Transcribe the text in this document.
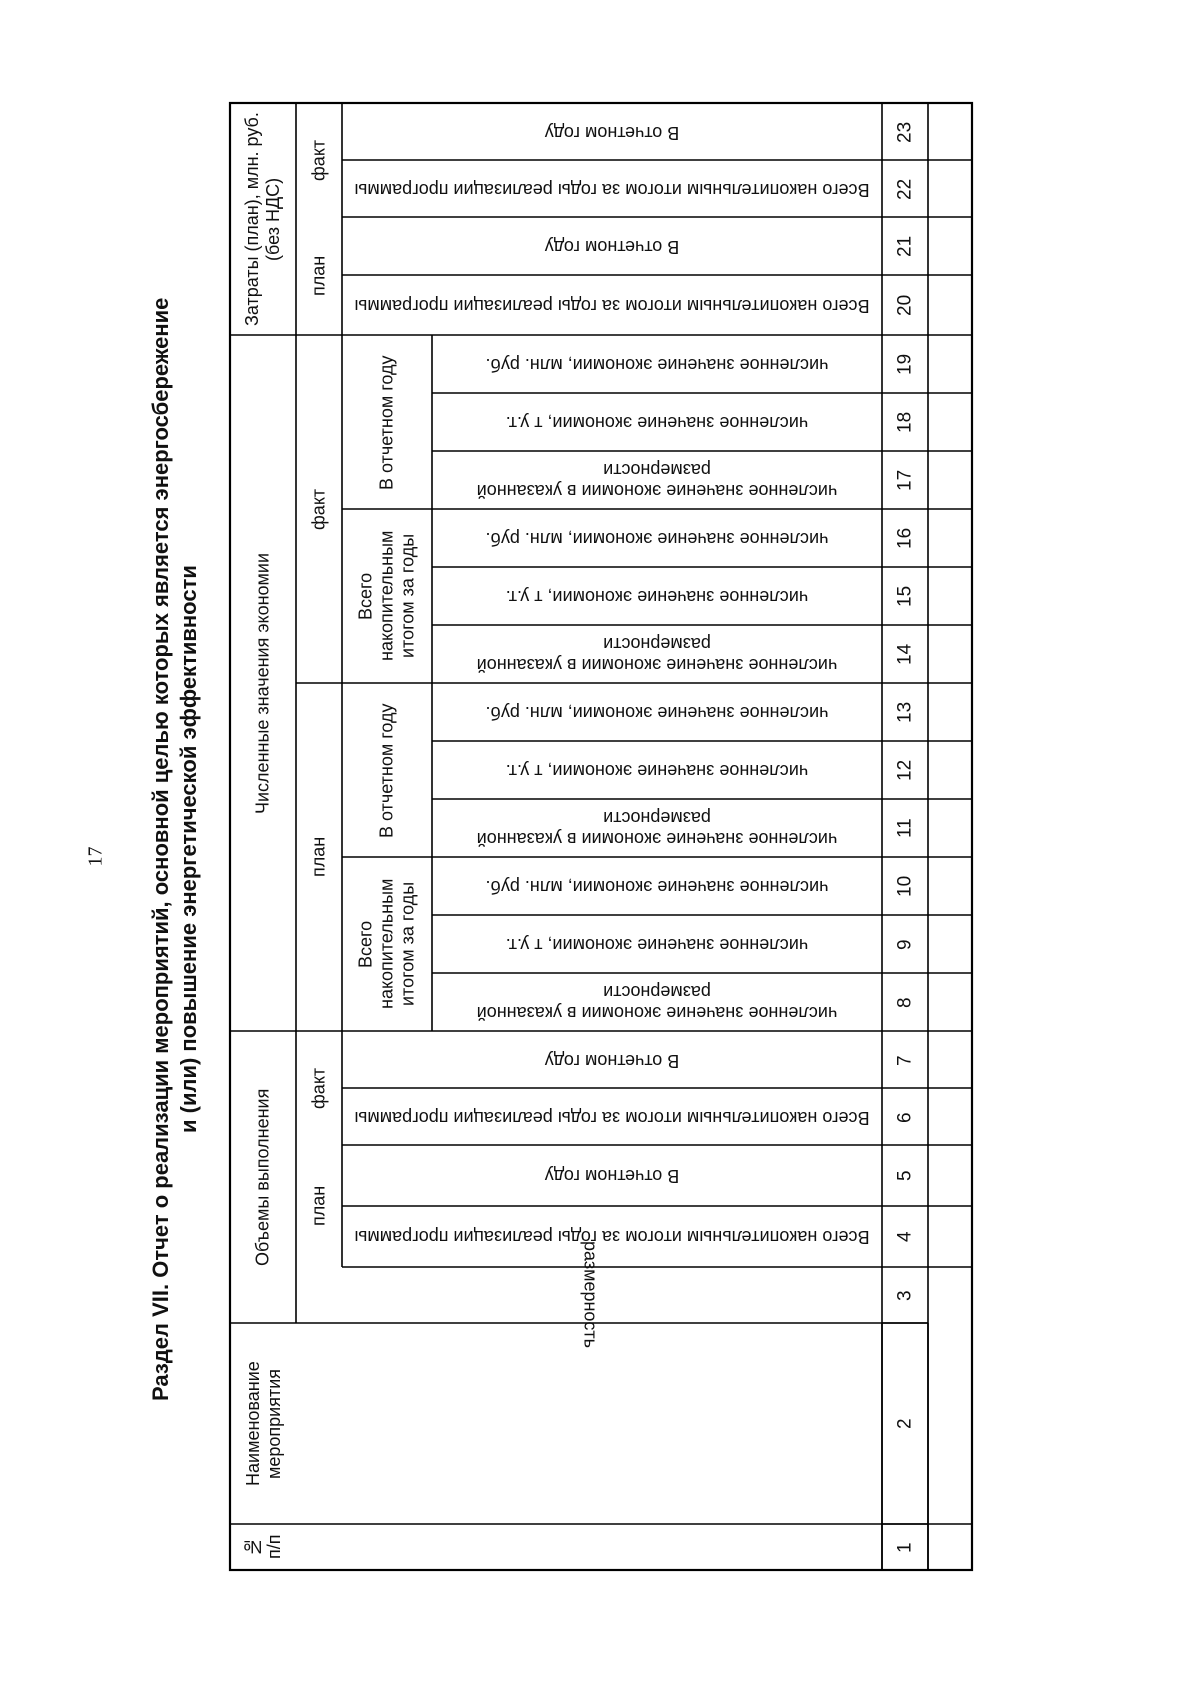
17 Раздел VII. Отчет о реализации мероприятий, основной целью которых является энергосбережение и (или) повышение энергетической эффективности
№ п/п
Наименование мероприятия
Объемы выполнения
Численные значения экономии
Затраты (план), млн. руб. (без НДС)
план
факт
план
факт
план
факт
Всего накопительным итогом за годы
В отчетном году
Всего накопительным итогом за годы
В отчетном году
размерность
Всего накопительным итогом за годы реализации программы
В отчетном году
Всего накопительным итогом за годы реализации программы
В отчетном году
численное значение экономии в указанной размерности
численное значение экономии, т у.т.
численное значение экономии, млн. руб.
численное значение экономии в указанной размерности
численное значение экономии, т у.т.
численное значение экономии, млн. руб.
численное значение экономии в указанной размерности
численное значение экономии, т у.т.
численное значение экономии, млн. руб.
численное значение экономии в указанной размерности
численное значение экономии, т у.т.
численное значение экономии, млн. руб.
Всего накопительным итогом за годы реализации программы
В отчетном году
Всего накопительным итогом за годы реализации программы
В отчетном году
1
2
3
4
5
6
7
8
9
10
11
12
13
14
15
16
17
18
19
20
21
22
23
